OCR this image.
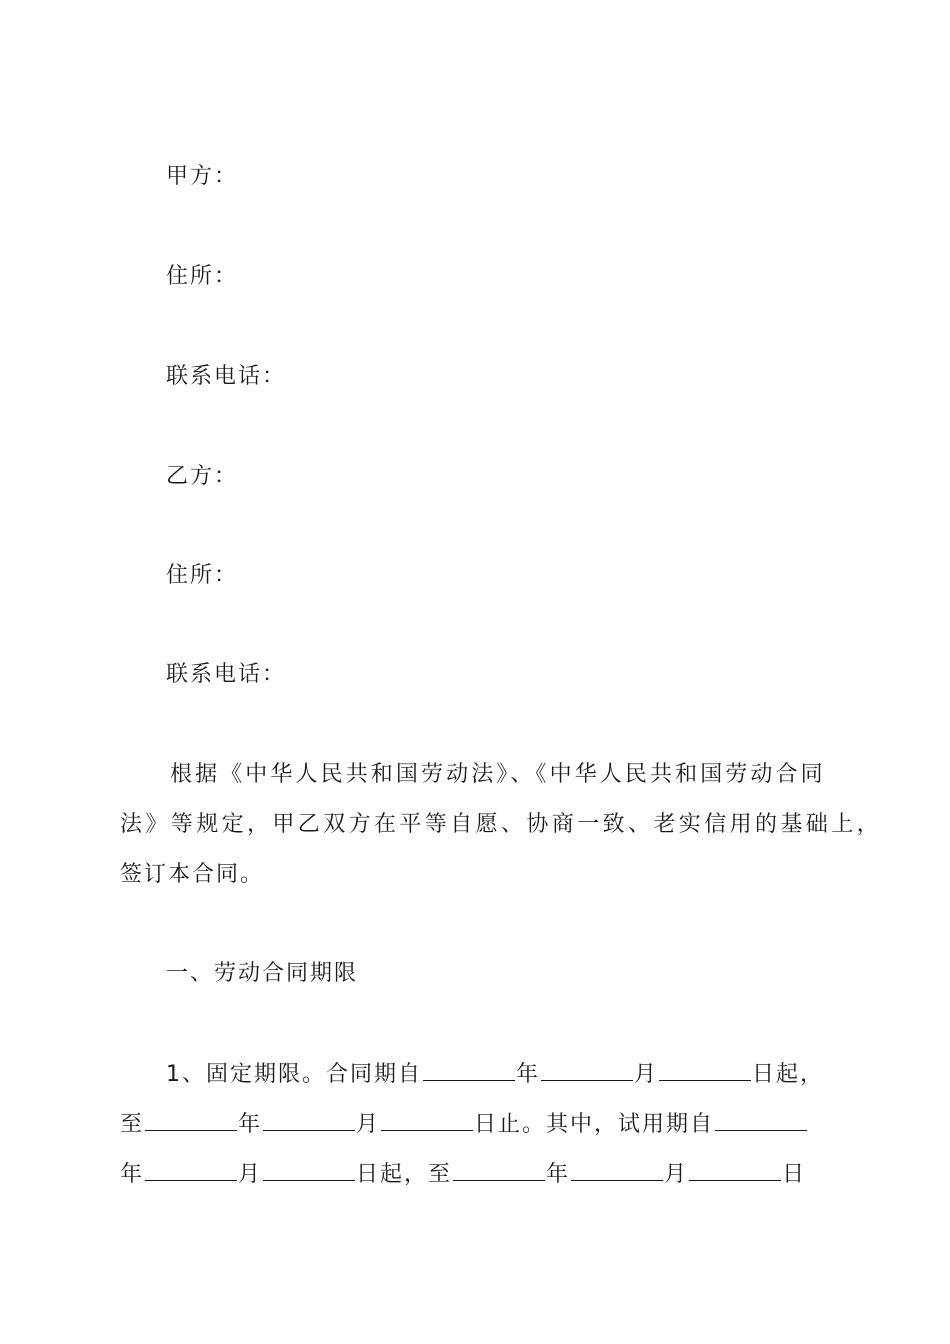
甲方：
住所：
联系电话：
乙方：
住所：
联系电话：
根据《中华人民共和国劳动法》、《中华人民共和国劳动合同
法》等规定，甲乙双方在平等自愿、协商一致、老实信用的基础上，
签订本合同。
一、劳动合同期限
1、固定期限。合同期自	年	月	日起，
至	年	月	日止。其中，试用期自
年	月	日起，至	年	月	日
